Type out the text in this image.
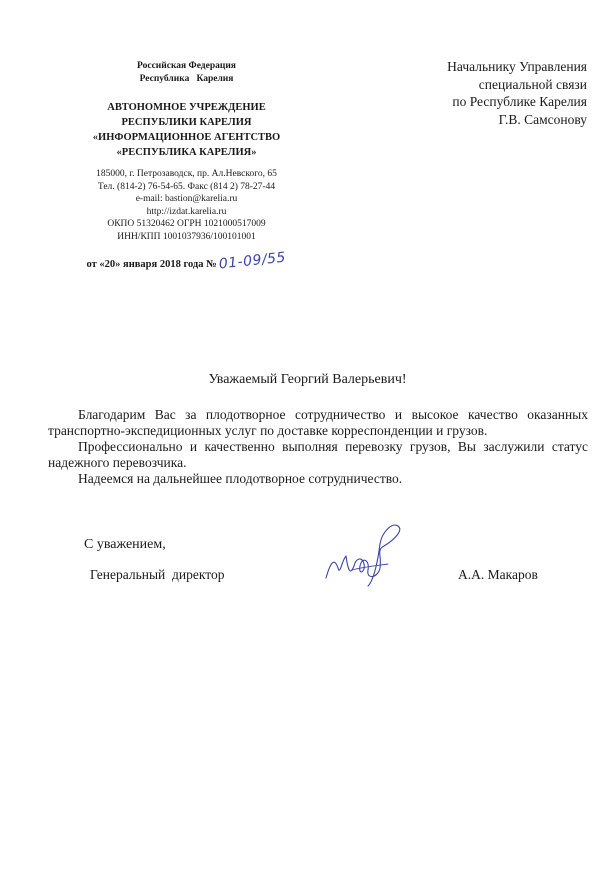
Российская Федерация
Республика   Карелия
АВТОНОМНОЕ УЧРЕЖДЕНИЕ
РЕСПУБЛИКИ КАРЕЛИЯ
«ИНФОРМАЦИОННОЕ АГЕНТСТВО
«РЕСПУБЛИКА КАРЕЛИЯ»
185000, г. Петрозаводск, пр. Ал.Невского, 65
Тел. (814-2) 76-54-65. Факс (814 2) 78-27-44
e-mail: bastion@karelia.ru
http://izdat.karelia.ru
ОКПО 51320462 ОГРН 1021000517009
ИНН/КПП 1001037936/100101001
от «20» января 2018 года № 01-09/55
Начальнику Управления
специальной связи
по Республике Карелия
Г.В. Самсонову
Уважаемый Георгий Валерьевич!

Благодарим Вас за плодотворное сотрудничество и высокое качество оказанных транспортно-экспедиционных услуг по доставке корреспонденции и грузов.

Профессионально и качественно выполняя перевозку грузов, Вы заслужили статус надежного перевозчика.

Надеемся на дальнейшее плодотворное сотрудничество.

С уважением,
Генеральный  директор	А.А. Макаров
